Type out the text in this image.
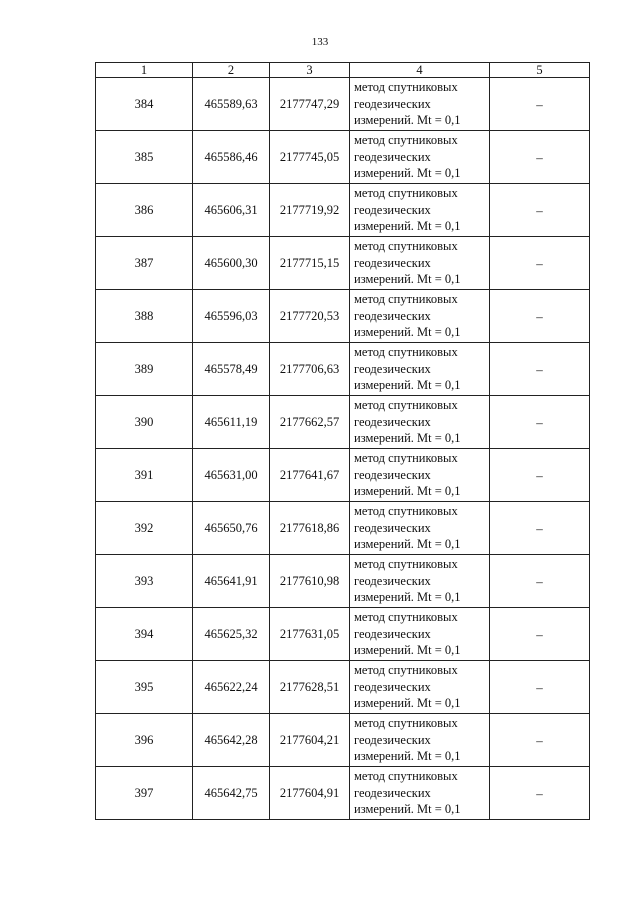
133
1	2	3	4	5
384	465589,63	2177747,29	метод спутниковых геодезических измерений. Mt = 0,1	–
385	465586,46	2177745,05	метод спутниковых геодезических измерений. Mt = 0,1	–
386	465606,31	2177719,92	метод спутниковых геодезических измерений. Mt = 0,1	–
387	465600,30	2177715,15	метод спутниковых геодезических измерений. Mt = 0,1	–
388	465596,03	2177720,53	метод спутниковых геодезических измерений. Mt = 0,1	–
389	465578,49	2177706,63	метод спутниковых геодезических измерений. Mt = 0,1	–
390	465611,19	2177662,57	метод спутниковых геодезических измерений. Mt = 0,1	–
391	465631,00	2177641,67	метод спутниковых геодезических измерений. Mt = 0,1	–
392	465650,76	2177618,86	метод спутниковых геодезических измерений. Mt = 0,1	–
393	465641,91	2177610,98	метод спутниковых геодезических измерений. Mt = 0,1	–
394	465625,32	2177631,05	метод спутниковых геодезических измерений. Mt = 0,1	–
395	465622,24	2177628,51	метод спутниковых геодезических измерений. Mt = 0,1	–
396	465642,28	2177604,21	метод спутниковых геодезических измерений. Mt = 0,1	–
397	465642,75	2177604,91	метод спутниковых геодезических измерений. Mt = 0,1	–
